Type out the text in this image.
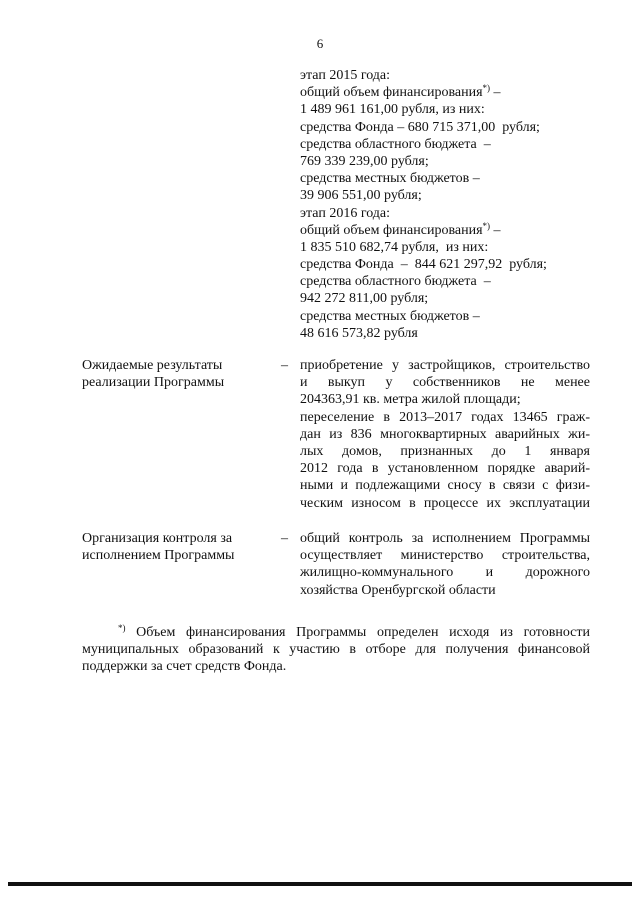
6
этап 2015 года:
общий объем финансирования*) –
1 489 961 161,00 рубля, из них:
средства Фонда – 680 715 371,00  рубля;
средства областного бюджета  –
769 339 239,00 рубля;
средства местных бюджетов –
39 906 551,00 рубля;
этап 2016 года:
общий объем финансирования*) –
1 835 510 682,74 рубля,  из них:
средства Фонда  –  844 621 297,92  рубля;
средства областного бюджета  –
942 272 811,00 рубля;
средства местных бюджетов –
48 616 573,82 рубля
Ожидаемые результаты
реализации Программы
– приобретение у застройщиков, строительство
и выкуп у собственников не менее
204363,91 кв. метра жилой площади;
переселение в 2013–2017 годах 13465 граж-
дан из 836 многоквартирных аварийных жи-
лых домов, признанных до 1 января
2012 года в установленном порядке аварий-
ными и подлежащими сносу в связи с физи-
ческим износом в процессе их эксплуатации
Организация контроля за
исполнением Программы
– общий контроль за исполнением Программы
осуществляет министерство строительства,
жилищно-коммунального и дорожного
хозяйства Оренбургской области
*) Объем финансирования Программы определен исходя из готовности
муниципальных образований к участию в отборе для получения финансовой
поддержки за счет средств Фонда.
